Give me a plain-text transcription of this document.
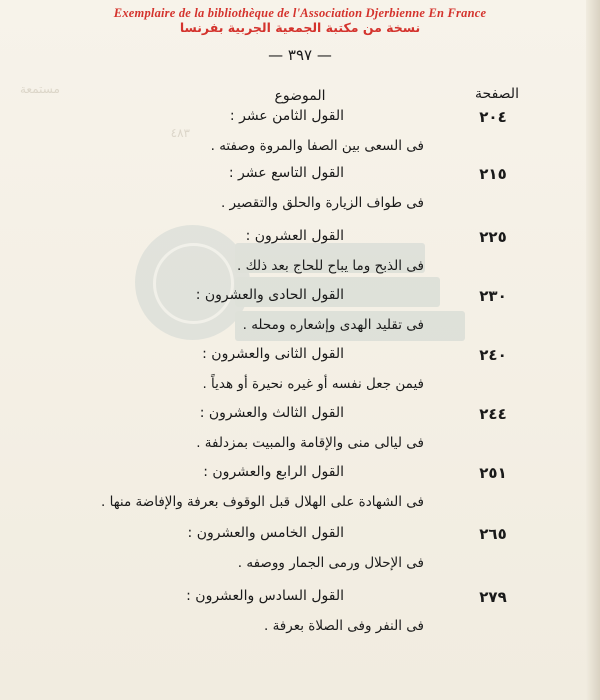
Exemplaire de la bibliothèque de l'Association Djerbienne En France
نسخة من مكتبة الجمعية الجربية بفرنسا
— ٣٩٧ —
الصفحة
الموضوع
مستمعة
٤٨٣
٢٠٤
القول الثامن عشر :
فى السعى بين الصفا والمروة وصفته .
٢١٥
القول التاسع عشر :
فى طواف الزيارة والحلق والتقصير .
٢٢٥
القول العشرون :
فى الذبح وما يباح للحاج بعد ذلك .
٢٣٠
القول الحادى والعشرون :
فى تقليد الهدى وإشعاره ومحله .
٢٤٠
القول الثانى والعشرون :
فيمن جعل نفسه أو غيره نحيرة أو هدياً .
٢٤٤
القول الثالث والعشرون :
فى ليالى منى والإقامة والمبيت بمزدلفة .
٢٥١
القول الرابع والعشرون :
فى الشهادة على الهلال قبل الوقوف بعرفة والإفاضة منها .
٢٦٥
القول الخامس والعشرون :
فى الإحلال ورمى الجمار ووصفه .
٢٧٩
القول السادس والعشرون :
فى النفر وفى الصلاة بعرفة .
